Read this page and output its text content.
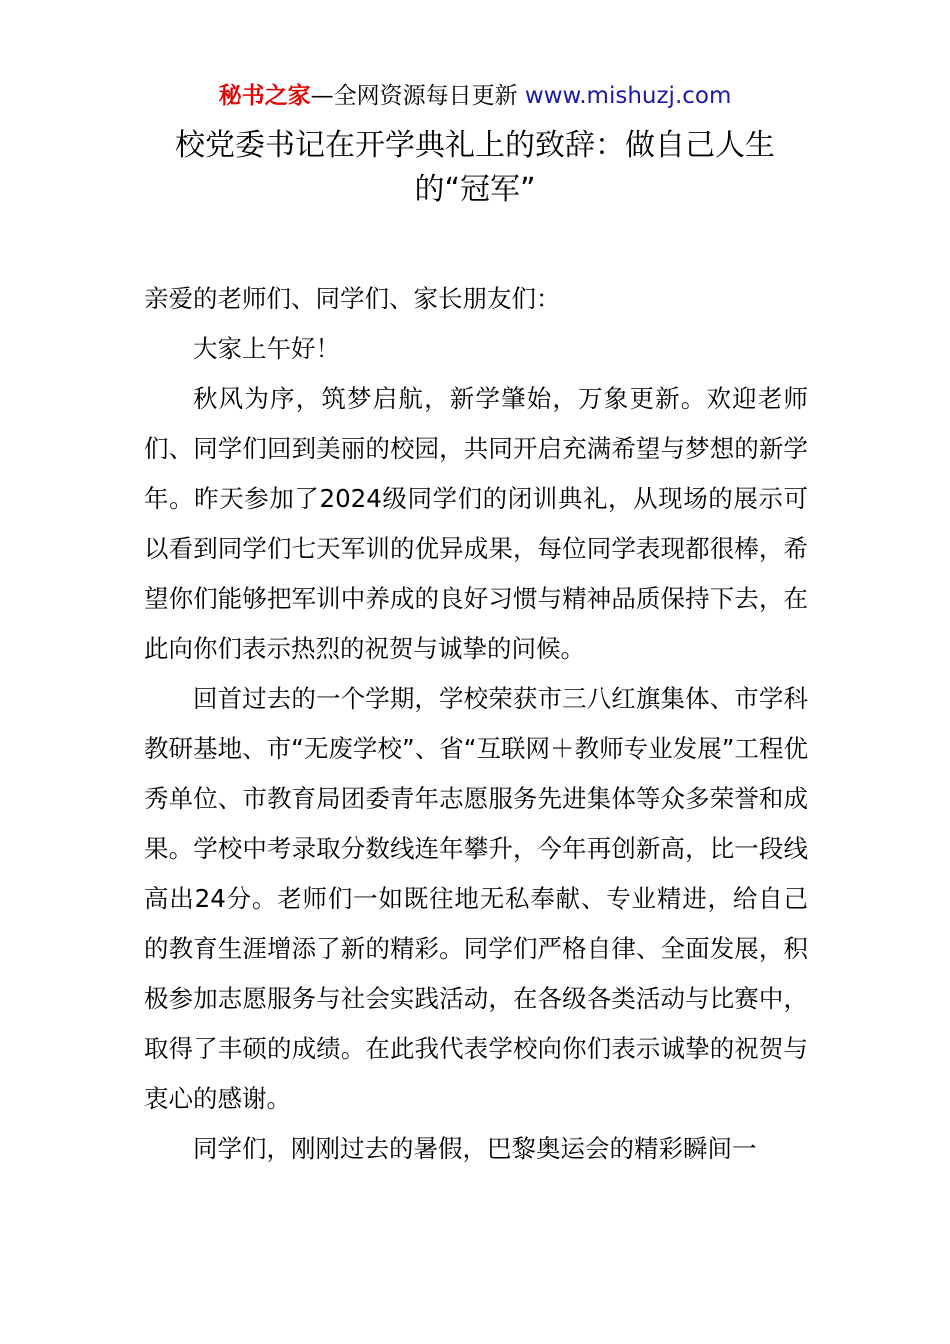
秘书之家—全网资源每日更新 www.mishuzj.com
校党委书记在开学典礼上的致辞：做自己人生
的“冠军”

亲爱的老师们、同学们、家长朋友们：

大家上午好！

秋风为序，筑梦启航，新学肇始，万象更新。欢迎老师们、同学们回到美丽的校园，共同开启充满希望与梦想的新学年。昨天参加了2024级同学们的闭训典礼，从现场的展示可以看到同学们七天军训的优异成果，每位同学表现都很棒，希望你们能够把军训中养成的良好习惯与精神品质保持下去，在此向你们表示热烈的祝贺与诚挚的问候。

回首过去的一个学期，学校荣获市三八红旗集体、市学科教研基地、市“无废学校”、省“互联网＋教师专业发展”工程优秀单位、市教育局团委青年志愿服务先进集体等众多荣誉和成果。学校中考录取分数线连年攀升，今年再创新高，比一段线高出24分。老师们一如既往地无私奉献、专业精进，给自己的教育生涯增添了新的精彩。同学们严格自律、全面发展，积极参加志愿服务与社会实践活动，在各级各类活动与比赛中，取得了丰硕的成绩。在此我代表学校向你们表示诚挚的祝贺与衷心的感谢。

同学们，刚刚过去的暑假，巴黎奥运会的精彩瞬间一
